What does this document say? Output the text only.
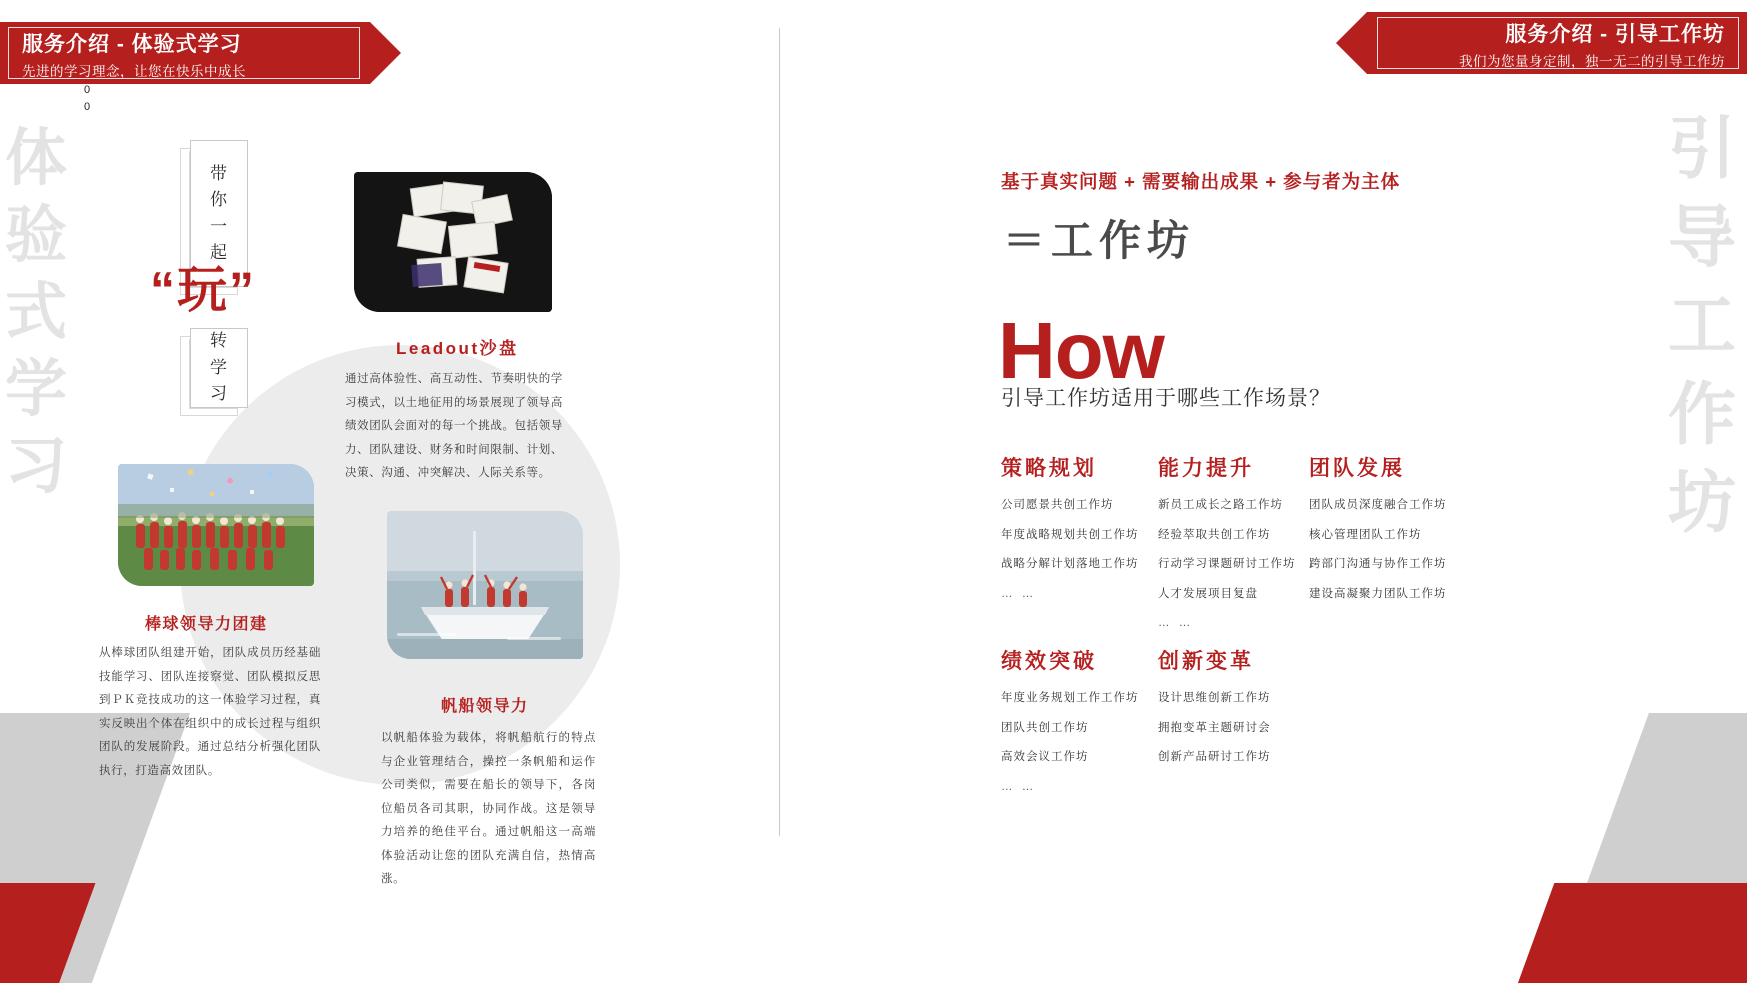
体
验
式
学
习
服务介绍 - 体验式学习
先进的学习理念，让您在快乐中成长
0
0
带
你
一
起
转
学
习
“玩”
Leadout沙盘
通过高体验性、高互动性、节奏明快的学习模式，以土地征用的场景展现了领导高绩效团队会面对的每一个挑战。包括领导力、团队建设、财务和时间限制、计划、决策、沟通、冲突解决、人际关系等。
棒球领导力团建
从棒球团队组建开始，团队成员历经基础技能学习、团队连接察觉、团队模拟反思到ＰＫ竞技成功的这一体验学习过程，真实反映出个体在组织中的成长过程与组织团队的发展阶段。通过总结分析强化团队执行，打造高效团队。
帆船领导力
以帆船体验为载体，将帆船航行的特点与企业管理结合，操控一条帆船和运作公司类似，需要在船长的领导下，各岗位船员各司其职，协同作战。这是领导力培养的绝佳平台。通过帆船这一高端体验活动让您的团队充满自信，热情高涨。
引
导
工
作
坊
服务介绍 - 引导工作坊
我们为您量身定制，独一无二的引导工作坊
基于真实问题 + 需要输出成果 + 参与者为主体
＝工作坊
How
引导工作坊适用于哪些工作场景？
策略规划
公司愿景共创工作坊
年度战略规划共创工作坊
战略分解计划落地工作坊
… …
能力提升
新员工成长之路工作坊
经验萃取共创工作坊
行动学习课题研讨工作坊
人才发展项目复盘
… …
团队发展
团队成员深度融合工作坊
核心管理团队工作坊
跨部门沟通与协作工作坊
建设高凝聚力团队工作坊
绩效突破
年度业务规划工作工作坊
团队共创工作坊
高效会议工作坊
… …
创新变革
设计思维创新工作坊
拥抱变革主题研讨会
创新产品研讨工作坊
